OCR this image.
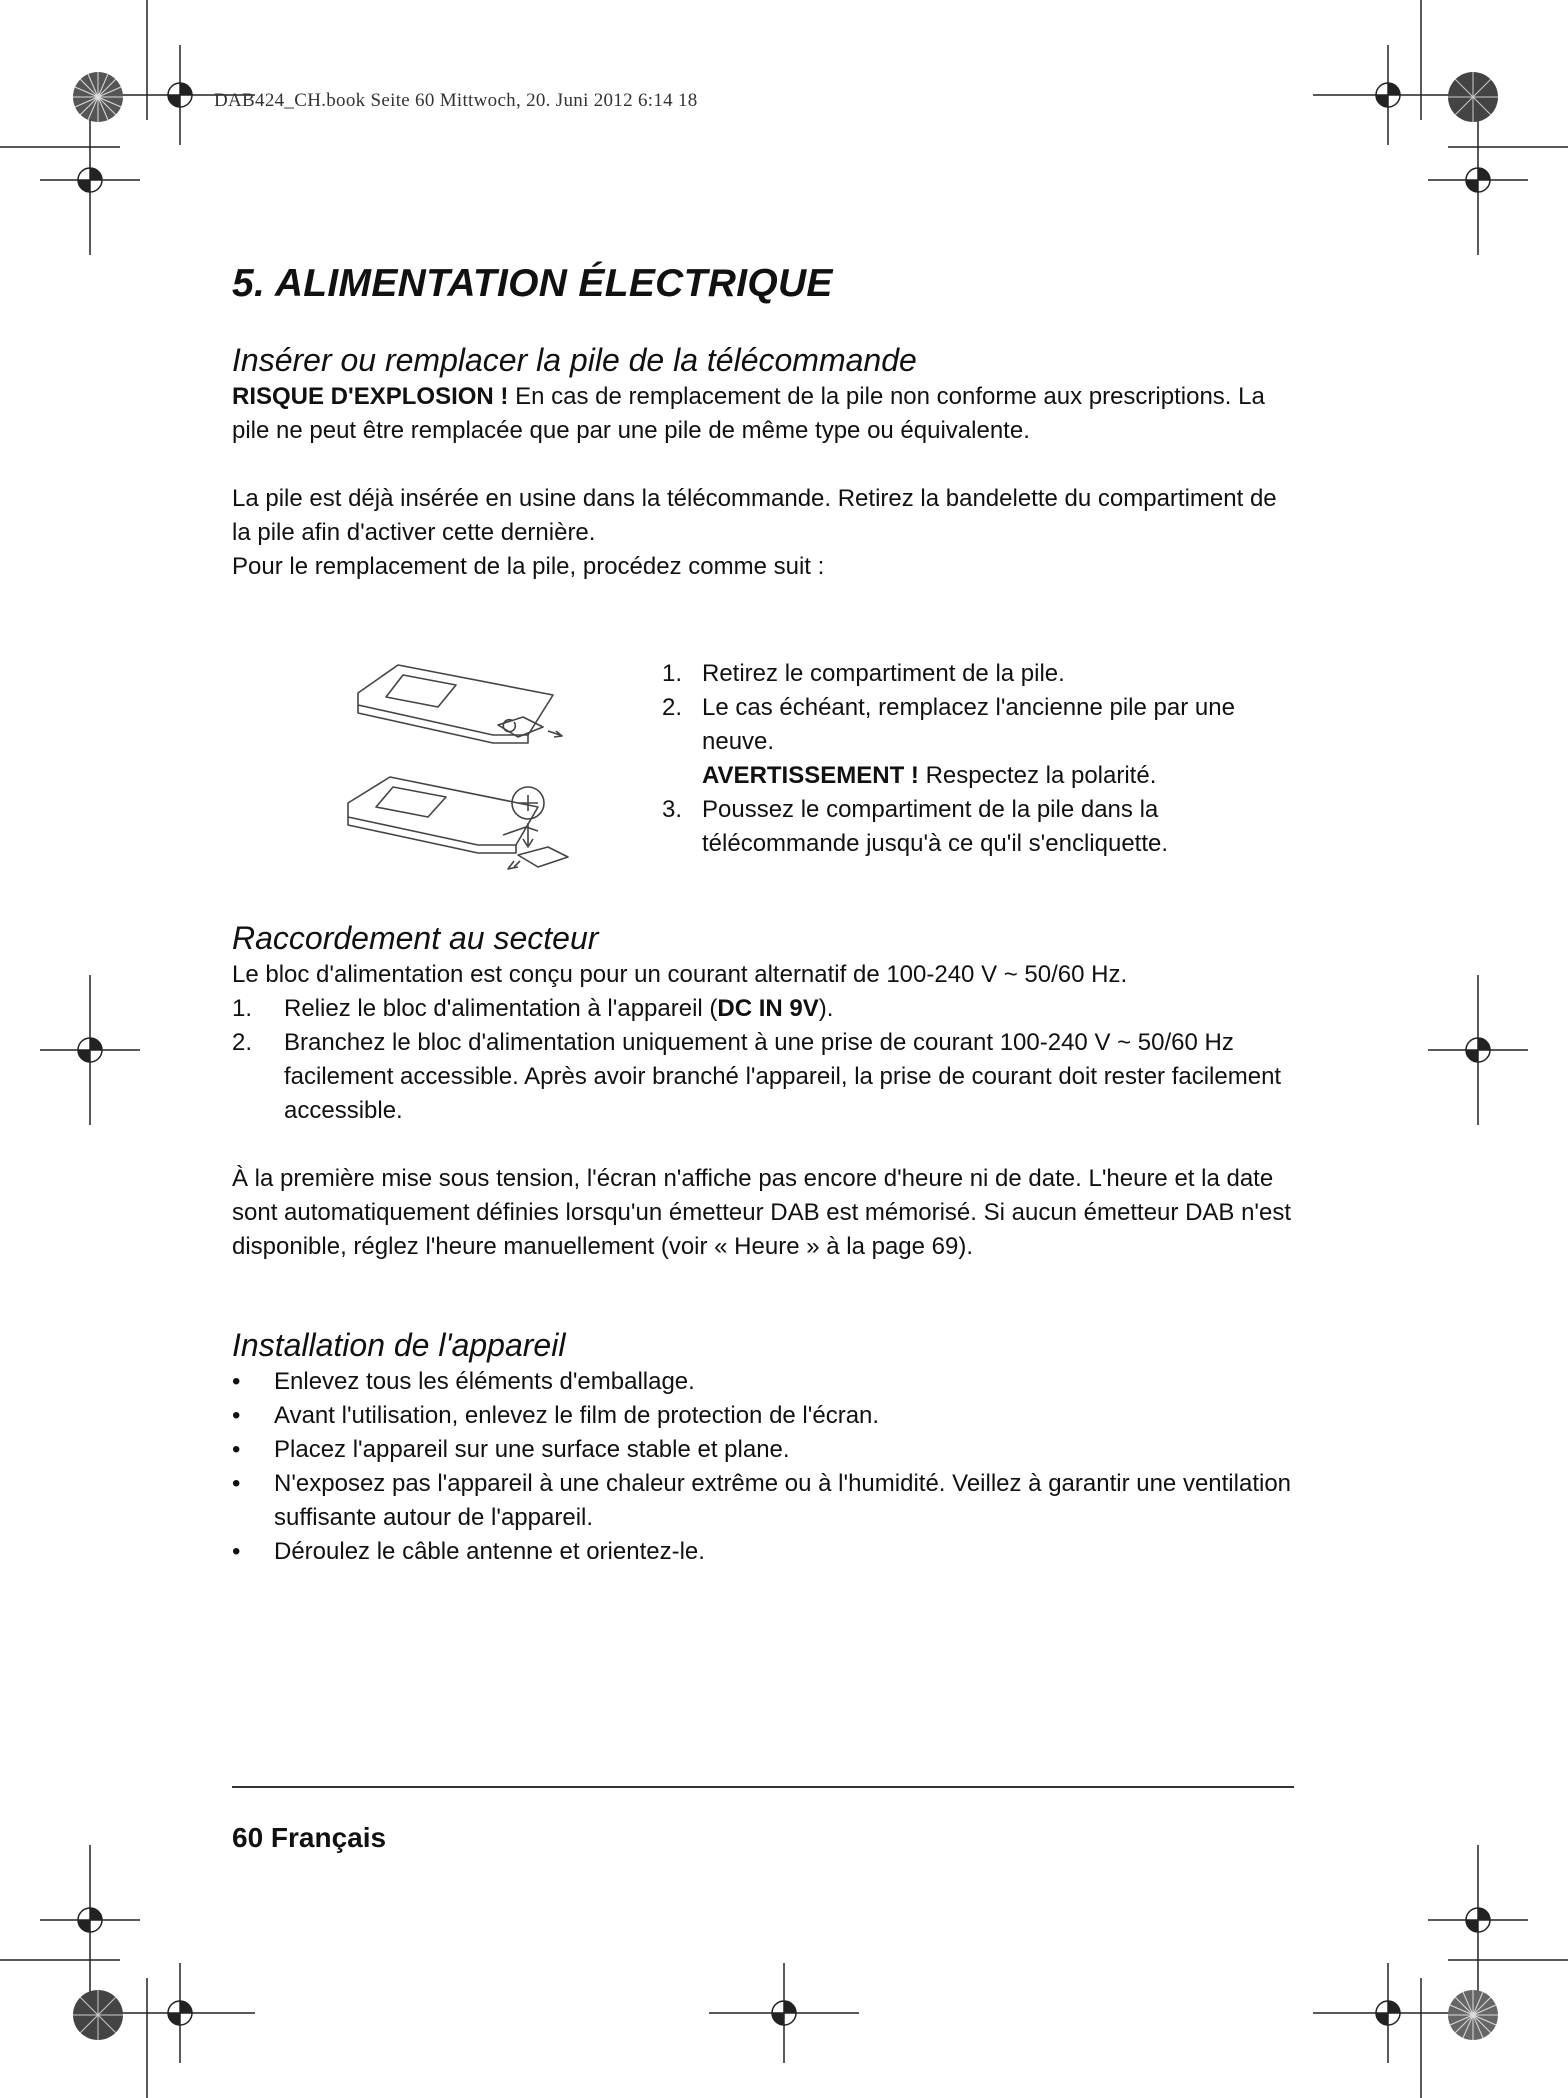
DAB424_CH.book Seite 60 Mittwoch, 20. Juni 2012 6:14 18
5. ALIMENTATION ÉLECTRIQUE
Insérer ou remplacer la pile de la télécommande

RISQUE D'EXPLOSION ! En cas de remplacement de la pile non conforme aux prescriptions. La pile ne peut être remplacée que par une pile de même type ou équivalente.

La pile est déjà insérée en usine dans la télécommande. Retirez la bandelette du compartiment de la pile afin d'activer cette dernière.

Pour le remplacement de la pile, procédez comme suit :

1. Retirez le compartiment de la pile.
2. Le cas échéant, remplacez l'ancienne pile par une neuve.
AVERTISSEMENT ! Respectez la polarité.
3. Poussez le compartiment de la pile dans la télécommande jusqu'à ce qu'il s'encliquette.
Raccordement au secteur

Le bloc d'alimentation est conçu pour un courant alternatif de 100-240 V ~ 50/60 Hz.

1. Reliez le bloc d'alimentation à l'appareil (DC IN 9V).
2. Branchez le bloc d'alimentation uniquement à une prise de courant 100-240 V ~ 50/60 Hz facilement accessible. Après avoir branché l'appareil, la prise de courant doit rester facilement accessible.

À la première mise sous tension, l'écran n'affiche pas encore d'heure ni de date. L'heure et la date sont automatiquement définies lorsqu'un émetteur DAB est mémorisé. Si aucun émetteur DAB n'est disponible, réglez l'heure manuellement (voir « Heure » à la page 69).

Installation de l'appareil
• Enlevez tous les éléments d'emballage.
• Avant l'utilisation, enlevez le film de protection de l'écran.
• Placez l'appareil sur une surface stable et plane.
• N'exposez pas l'appareil à une chaleur extrême ou à l'humidité. Veillez à garantir une ventilation suffisante autour de l'appareil.
• Déroulez le câble antenne et orientez-le.
60 Français
